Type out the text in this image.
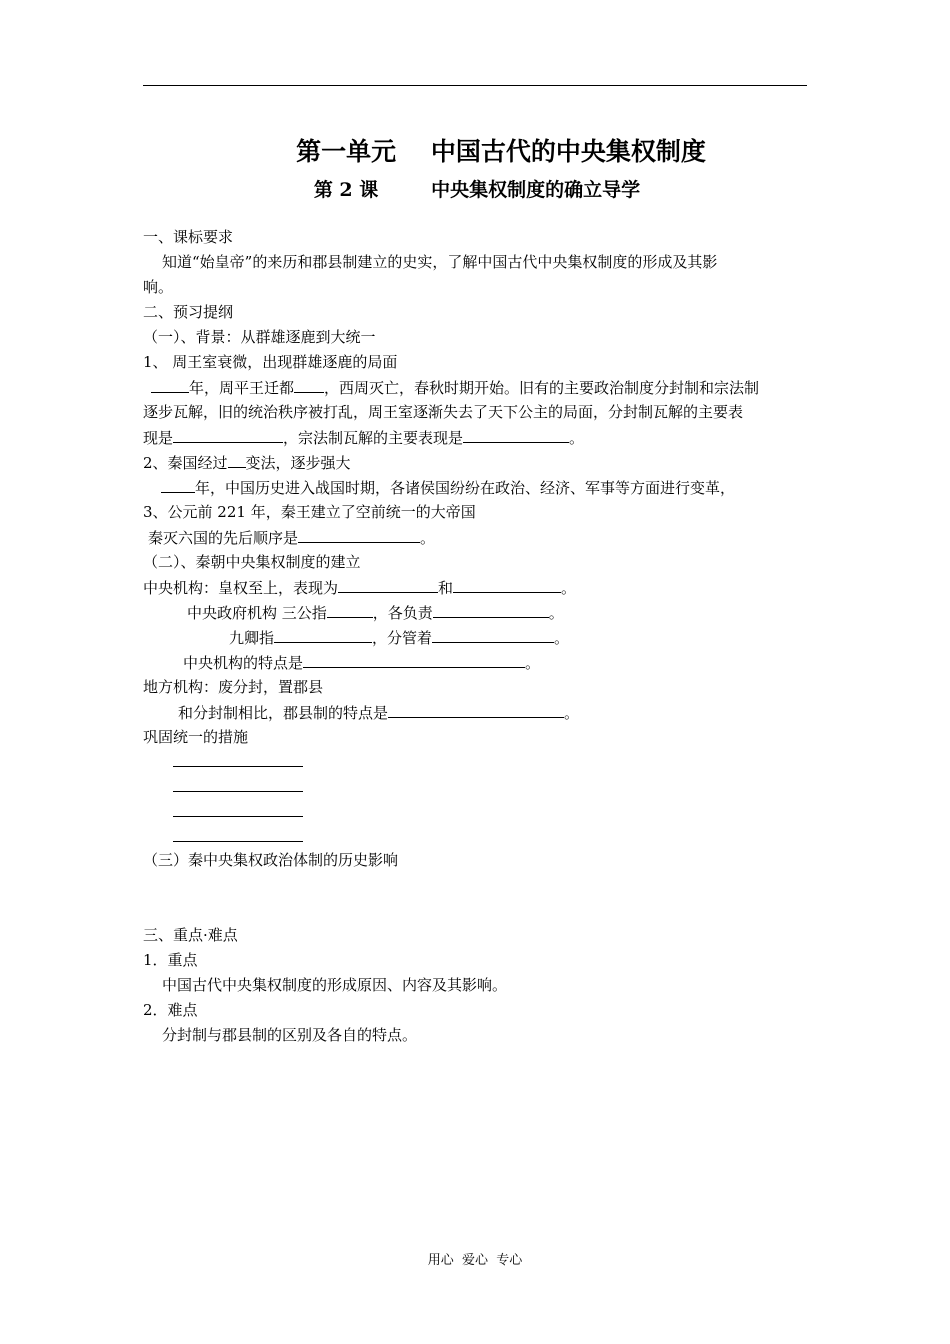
第一单元    中国古代的中央集权制度
第 2 课        中央集权制度的确立导学
一、课标要求
知道“始皇帝”的来历和郡县制建立的史实，了解中国古代中央集权制度的形成及其影
响。
二、预习提纲
（一）、背景：从群雄逐鹿到大统一
1、 周王室衰微，出现群雄逐鹿的局面
年，周平王迁都 ，西周灭亡，春秋时期开始。旧有的主要政治制度分封制和宗法制
逐步瓦解，旧的统治秩序被打乱，周王室逐渐失去了天下公主的局面，分封制瓦解的主要表
现是	，宗法制瓦解的主要表现是	。
2、秦国经过 变法，逐步强大
年，中国历史进入战国时期，各诸侯国纷纷在政治、经济、军事等方面进行变革，
3、公元前 221 年，秦王建立了空前统一的大帝国
秦灭六国的先后顺序是	。
（二）、秦朝中央集权制度的建立
中央机构：皇权至上，表现为	和	。
中央政府机构 三公指	，各负责	。
九卿指	，分管着	。
中央机构的特点是	。
地方机构：废分封，置郡县
和分封制相比，郡县制的特点是	。
巩固统一的措施
（三）秦中央集权政治体制的历史影响
三、重点·难点
1．重点
中国古代中央集权制度的形成原因、内容及其影响。
2．难点
分封制与郡县制的区别及各自的特点。
用心  爱心  专心
